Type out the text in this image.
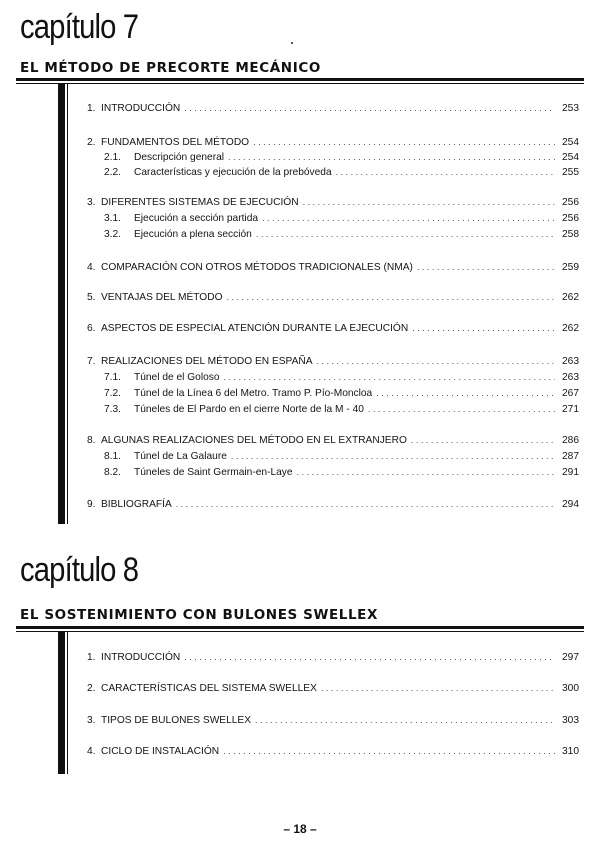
capítulo 7
EL MÉTODO DE PRECORTE MECÁNICO
1. INTRODUCCIÓN . . .	253
2. FUNDAMENTOS DEL MÉTODO . . .	254
2.1.	Descripción general . . .	254
2.2.	Características y ejecución de la prebóveda . . .	255
3. DIFERENTES SISTEMAS DE EJECUCIÓN . . .	256
3.1.	Ejecución a sección partida . . .	256
3.2.	Ejecución a plena sección . . .	258
4. COMPARACIÓN CON OTROS MÉTODOS TRADICIONALES (NMA) . . .	259
5. VENTAJAS DEL MÉTODO . . .	262
6. ASPECTOS DE ESPECIAL ATENCIÓN DURANTE LA EJECUCIÓN . . .	262
7. REALIZACIONES DEL MÉTODO EN ESPAÑA . . .	263
7.1.	Túnel de el Goloso . . .	263
7.2.	Túnel de la Línea 6 del Metro. Tramo P. Pío-Moncloa . . .	267
7.3.	Túneles de El Pardo en el cierre Norte de la M - 40 . . .	271
8. ALGUNAS REALIZACIONES DEL MÉTODO EN EL EXTRANJERO . . .	286
8.1.	Túnel de La Galaure . . .	287
8.2.	Túneles de Saint Germain-en-Laye . . .	291
9. BIBLIOGRAFÍA . . .	294
capítulo 8
EL SOSTENIMIENTO CON BULONES SWELLEX
1. INTRODUCCIÓN . . .	297
2. CARACTERÍSTICAS DEL SISTEMA SWELLEX . . .	300
3. TIPOS DE BULONES SWELLEX . . .	303
4. CICLO DE INSTALACIÓN . . .	310
– 18 –
